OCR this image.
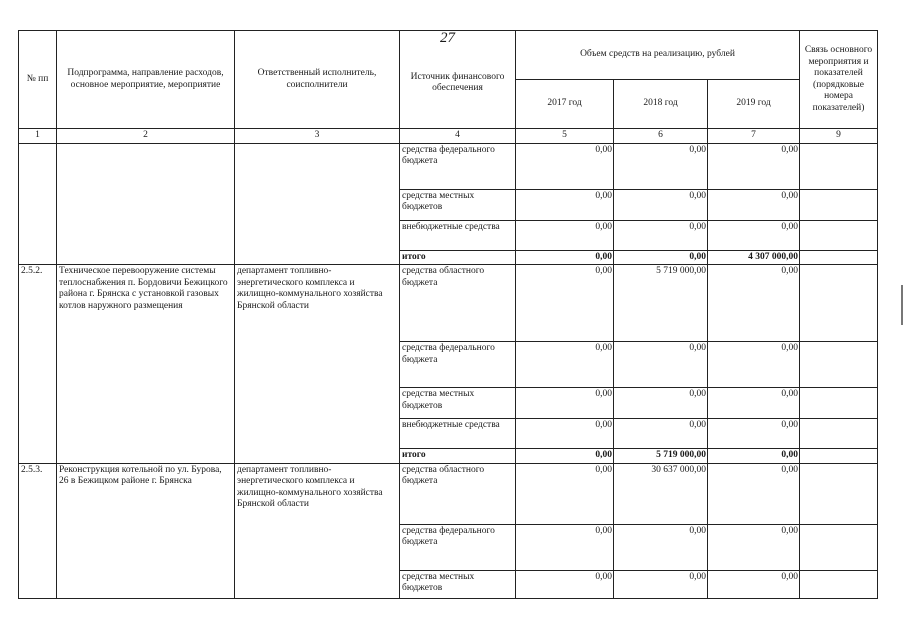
27
№ пп	Подпрограмма, направление расходов, основное мероприятие, мероприятие	Ответственный исполнитель, соисполнители	Источник финансового обеспечения	Объем средств на реализацию, рублей			Связь основного мероприятия и показателей (порядковые номера показателей)
				2017 год	2018 год	2019 год	
1	2	3	4	5	6	7	9
			средства федерального бюджета	0,00	0,00	0,00	
			средства местных бюджетов	0,00	0,00	0,00	
			внебюджетные средства	0,00	0,00	0,00	
			итого	0,00	0,00	4 307 000,00	
2.5.2.	Техническое перевооружение системы теплоснабжения п. Бордовичи Бежицкого района г. Брянска с установкой газовых котлов наружного размещения	департамент топливно-энергетического комплекса и жилищно-коммунального хозяйства Брянской области	средства областного бюджета	0,00	5 719 000,00	0,00	
			средства федерального бюджета	0,00	0,00	0,00	
			средства местных бюджетов	0,00	0,00	0,00	
			внебюджетные средства	0,00	0,00	0,00	
			итого	0,00	5 719 000,00	0,00	
2.5.3.	Реконструкция котельной по ул. Бурова, 26 в Бежицком районе г. Брянска	департамент топливно-энергетического комплекса и жилищно-коммунального хозяйства Брянской области	средства областного бюджета	0,00	30 637 000,00	0,00	
			средства федерального бюджета	0,00	0,00	0,00	
			средства местных бюджетов	0,00	0,00	0,00	
